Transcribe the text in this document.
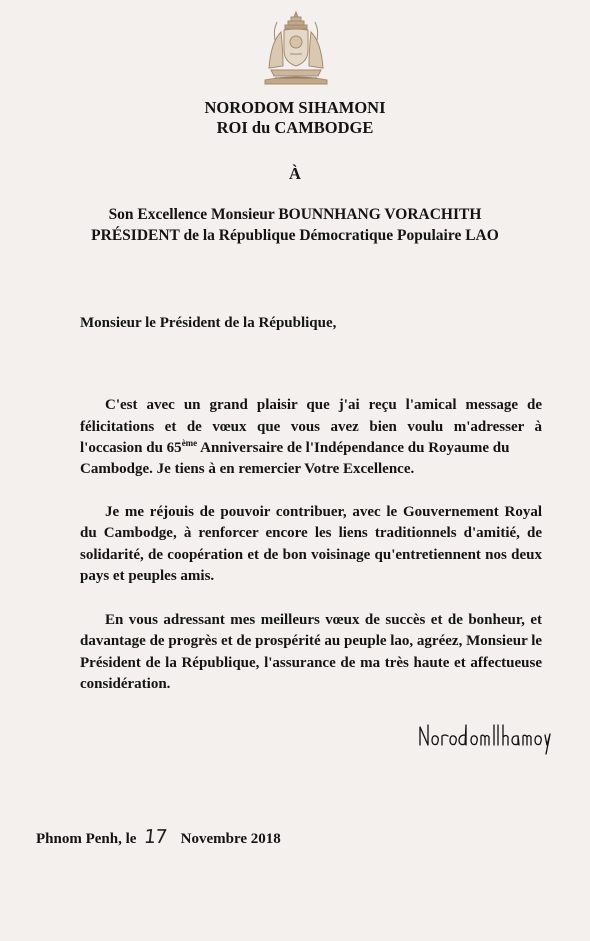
NORODOM SIHAMONI
ROI du CAMBODGE
À
Son Excellence Monsieur BOUNNHANG VORACHITH
PRÉSIDENT de la République Démocratique Populaire LAO
Monsieur le Président de la République,
C'est avec un grand plaisir que j'ai reçu l'amical message de
félicitations et de vœux que vous avez bien voulu m'adresser à
l'occasion du 65ème Anniversaire de l'Indépendance du Royaume du
Cambodge. Je tiens à en remercier Votre Excellence.
Je me réjouis de pouvoir contribuer, avec le Gouvernement Royal
du Cambodge, à renforcer encore les liens traditionnels d'amitié, de
solidarité, de coopération et de bon voisinage qu'entretiennent nos deux
pays et peuples amis.
En vous adressant mes meilleurs vœux de succès et de bonheur, et
davantage de progrès et de prospérité au peuple lao, agréez, Monsieur le
Président de la République, l'assurance de ma très haute et affectueuse
considération.
Phnom Penh, le 17 Novembre 2018
